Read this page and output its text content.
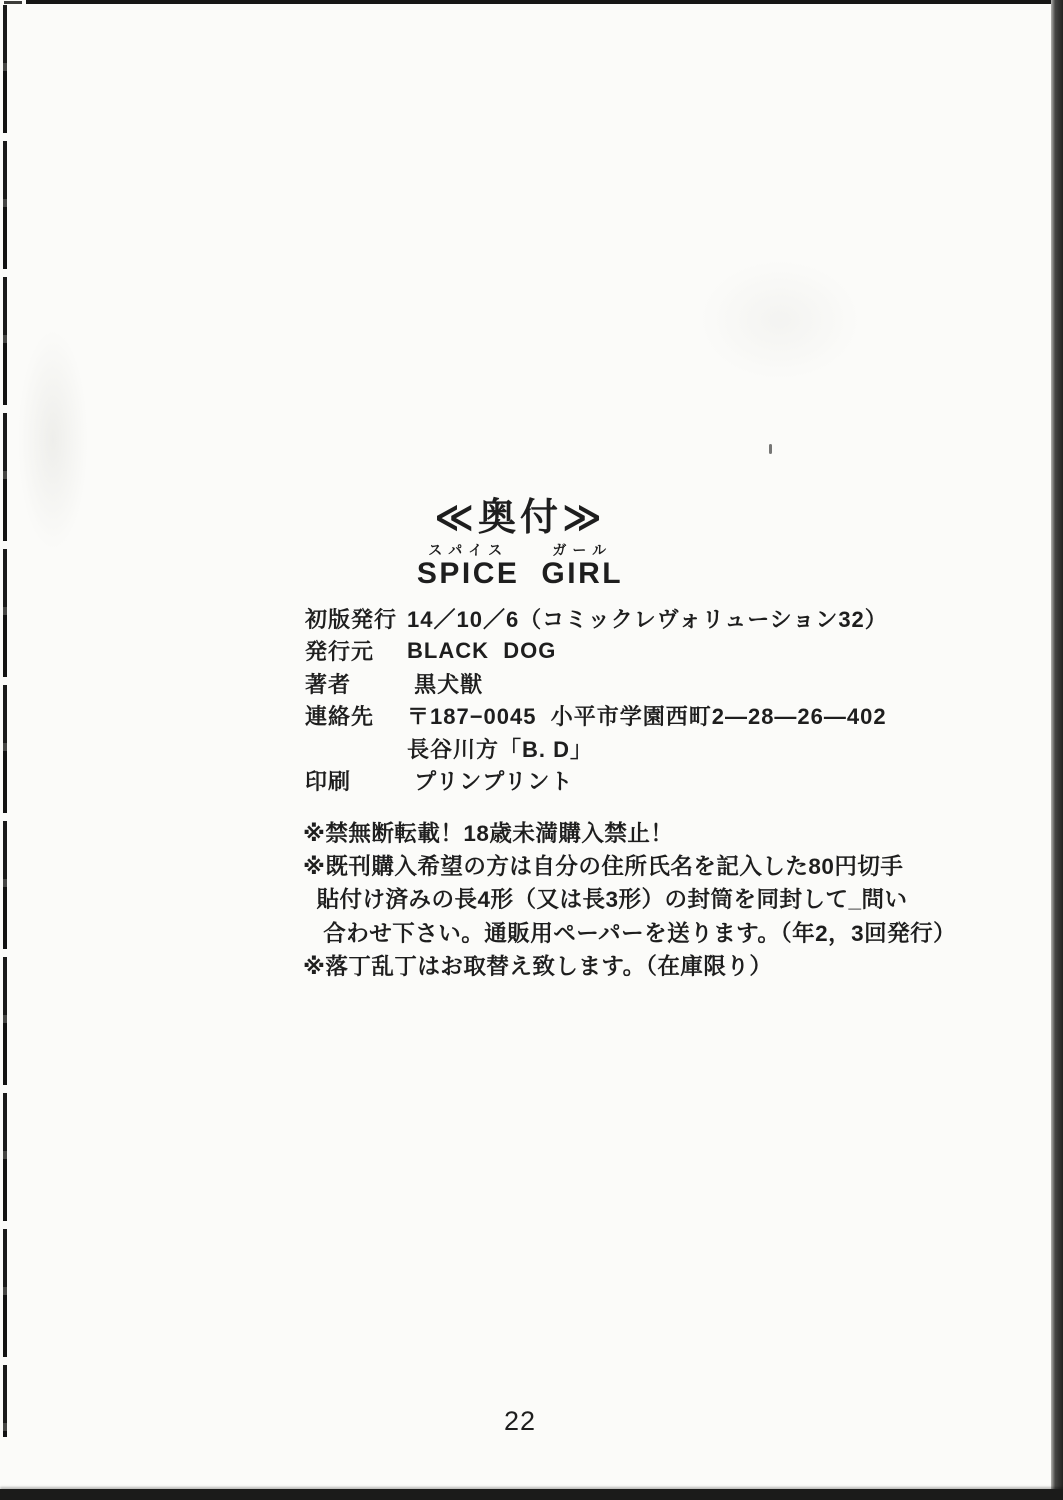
≪奥付≫
スパイス
SPICE
ガール
GIRL
初版発行 14／10／6（コミックレヴォリューション32）
発行元	BLACK  DOG
著者	黒犬獣
連絡先	〒187−0045  小平市学園西町2—28—26—402
長谷川方「B. D」
印刷	プリンプリント
※禁無断転載！18歳未満購入禁止！
※既刊購入希望の方は自分の住所氏名を記入した80円切手
貼付け済みの長4形（又は長3形）の封筒を同封して_問い
合わせ下さい。通販用ペーパーを送ります。（年2，3回発行）
※落丁乱丁はお取替え致します。（在庫限り）
22
